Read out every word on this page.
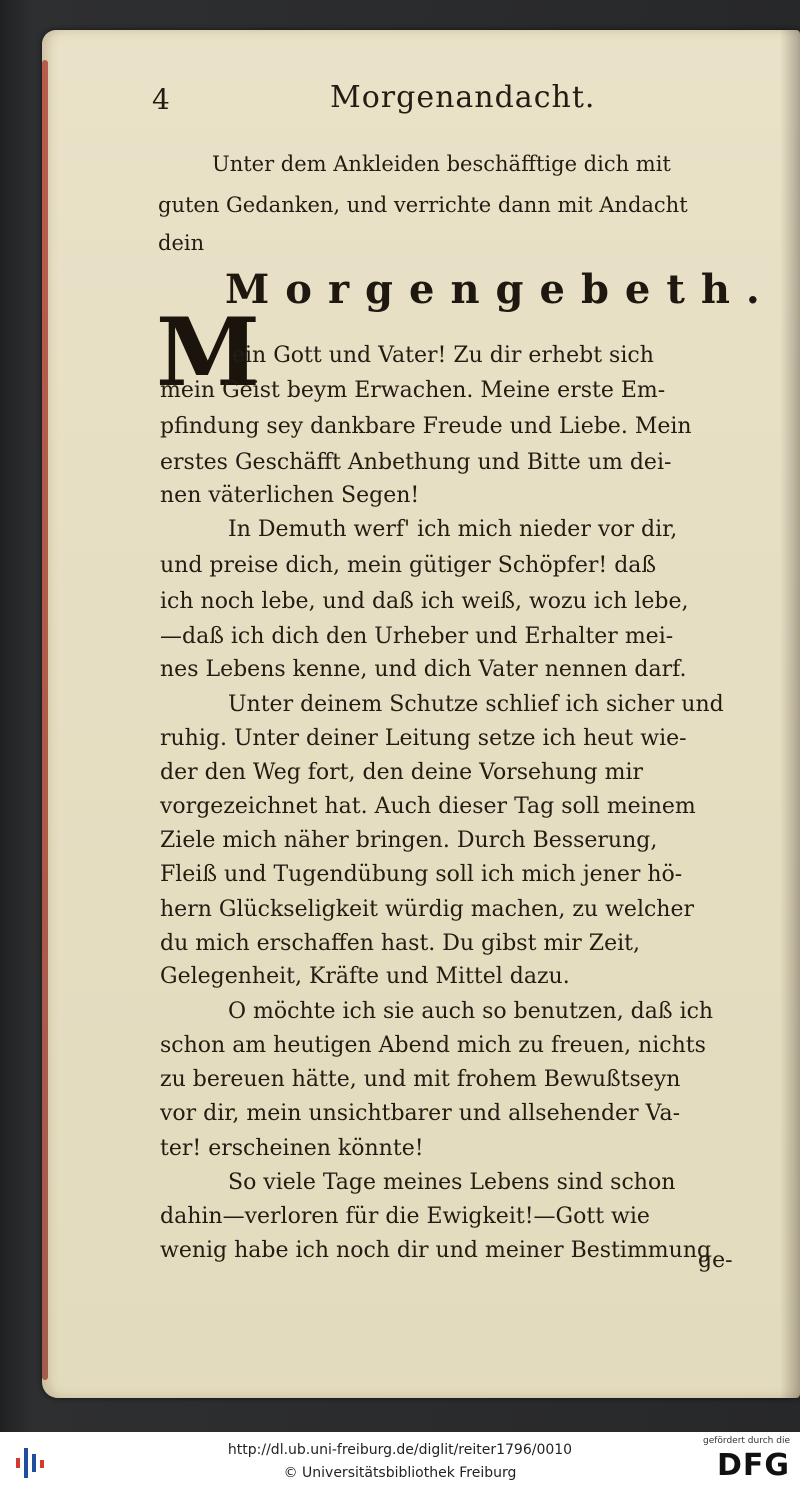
4	Morgenandacht.
Unter dem Ankleiden beschäfftige dich mit
guten Gedanken, und verrichte dann mit Andacht
dein
Morgengebeth.
M
ein Gott und Vater! Zu dir erhebt sich
mein Geist beym Erwachen. Meine erste Em-
pfindung sey dankbare Freude und Liebe. Mein
erstes Geschäfft Anbethung und Bitte um dei-
nen väterlichen Segen!
In Demuth werf' ich mich nieder vor dir,
und preise dich, mein gütiger Schöpfer! daß
ich noch lebe, und daß ich weiß, wozu ich lebe,
—daß ich dich den Urheber und Erhalter mei-
nes Lebens kenne, und dich Vater nennen darf.
Unter deinem Schutze schlief ich sicher und
ruhig. Unter deiner Leitung setze ich heut wie-
der den Weg fort, den deine Vorsehung mir
vorgezeichnet hat. Auch dieser Tag soll meinem
Ziele mich näher bringen. Durch Besserung,
Fleiß und Tugendübung soll ich mich jener hö-
hern Glückseligkeit würdig machen, zu welcher
du mich erschaffen hast. Du gibst mir Zeit,
Gelegenheit, Kräfte und Mittel dazu.
O möchte ich sie auch so benutzen, daß ich
schon am heutigen Abend mich zu freuen, nichts
zu bereuen hätte, und mit frohem Bewußtseyn
vor dir, mein unsichtbarer und allsehender Va-
ter! erscheinen könnte!
So viele Tage meines Lebens sind schon
dahin—verloren für die Ewigkeit!—Gott wie
wenig habe ich noch dir und meiner Bestimmung
ge-
http://dl.ub.uni-freiburg.de/diglit/reiter1796/0010
© Universitätsbibliothek Freiburg
gefördert durch die
DFG
